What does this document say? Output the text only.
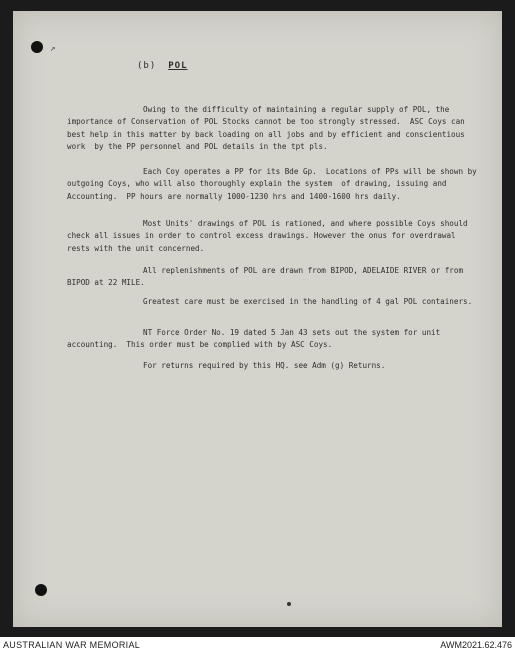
↗
(b) POL
Owing to the difficulty of maintaining a regular supply of POL, the importance of Conservation of POL Stocks cannot be too strongly stressed.  ASC Coys can best help in this matter by back loading on all jobs and by efficient and conscientious work  by the PP personnel and POL details in the tpt pls.
Each Coy operates a PP for its Bde Gp.  Locations of PPs will be shown by outgoing Coys, who will also thoroughly explain the system  of drawing, issuing and Accounting.  PP hours are normally 1000-1230 hrs and 1400-1600 hrs daily.
Most Units' drawings of POL is rationed, and where possible Coys should check all issues in order to control excess drawings. However the onus for overdrawal rests with the unit concerned.
All replenishments of POL are drawn from BIPOD, ADELAIDE RIVER or from BIPOD at 22 MILE.
Greatest care must be exercised in the handling of 4 gal POL containers.
NT Force Order No. 19 dated 5 Jan 43 sets out the system for unit accounting.  This order must be complied with by ASC Coys.
For returns required by this HQ. see Adm (g) Returns.
AUSTRALIAN WAR MEMORIAL	AWM2021.62.476
